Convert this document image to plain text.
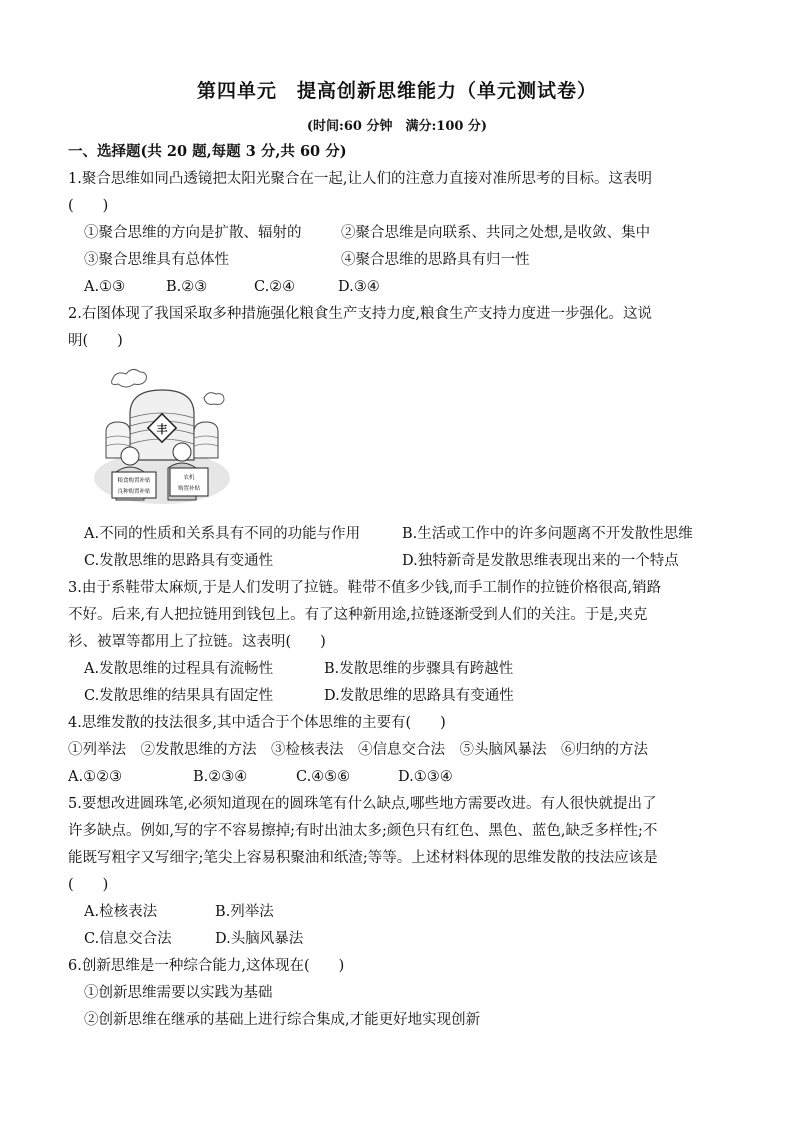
第四单元　提高创新思维能力（单元测试卷）
(时间:60 分钟　满分:100 分)
一、选择题(共 20 题,每题 3 分,共 60 分)
1.聚合思维如同凸透镜把太阳光聚合在一起,让人们的注意力直接对准所思考的目标。这表明
(　　)
①聚合思维的方向是扩散、辐射的	②聚合思维是向联系、共同之处想,是收敛、集中
③聚合思维具有总体性	④聚合思维的思路具有归一性
A.①③	B.②③	C.②④	D.③④
2.右图体现了我国采取多种措施强化粮食生产支持力度,粮食生产支持力度进一步强化。这说
明(　　)
丰
粮食购置补贴
良种购置补贴
农机
购置补贴
A.不同的性质和关系具有不同的功能与作用	B.生活或工作中的许多问题离不开发散性思维
C.发散思维的思路具有变通性	D.独特新奇是发散思维表现出来的一个特点
3.由于系鞋带太麻烦,于是人们发明了拉链。鞋带不值多少钱,而手工制作的拉链价格很高,销路
不好。后来,有人把拉链用到钱包上。有了这种新用途,拉链逐渐受到人们的关注。于是,夹克
衫、被罩等都用上了拉链。这表明(　　)
A.发散思维的过程具有流畅性	B.发散思维的步骤具有跨越性
C.发散思维的结果具有固定性	D.发散思维的思路具有变通性
4.思维发散的技法很多,其中适合于个体思维的主要有(　　)
①列举法　②发散思维的方法　③检核表法　④信息交合法　⑤头脑风暴法　⑥归纳的方法
A.①②③	B.②③④	C.④⑤⑥	D.①③④
5.要想改进圆珠笔,必须知道现在的圆珠笔有什么缺点,哪些地方需要改进。有人很快就提出了
许多缺点。例如,写的字不容易擦掉;有时出油太多;颜色只有红色、黑色、蓝色,缺乏多样性;不
能既写粗字又写细字;笔尖上容易积聚油和纸渣;等等。上述材料体现的思维发散的技法应该是
(　　)
A.检核表法	B.列举法
C.信息交合法	D.头脑风暴法
6.创新思维是一种综合能力,这体现在(　　)
①创新思维需要以实践为基础
②创新思维在继承的基础上进行综合集成,才能更好地实现创新
